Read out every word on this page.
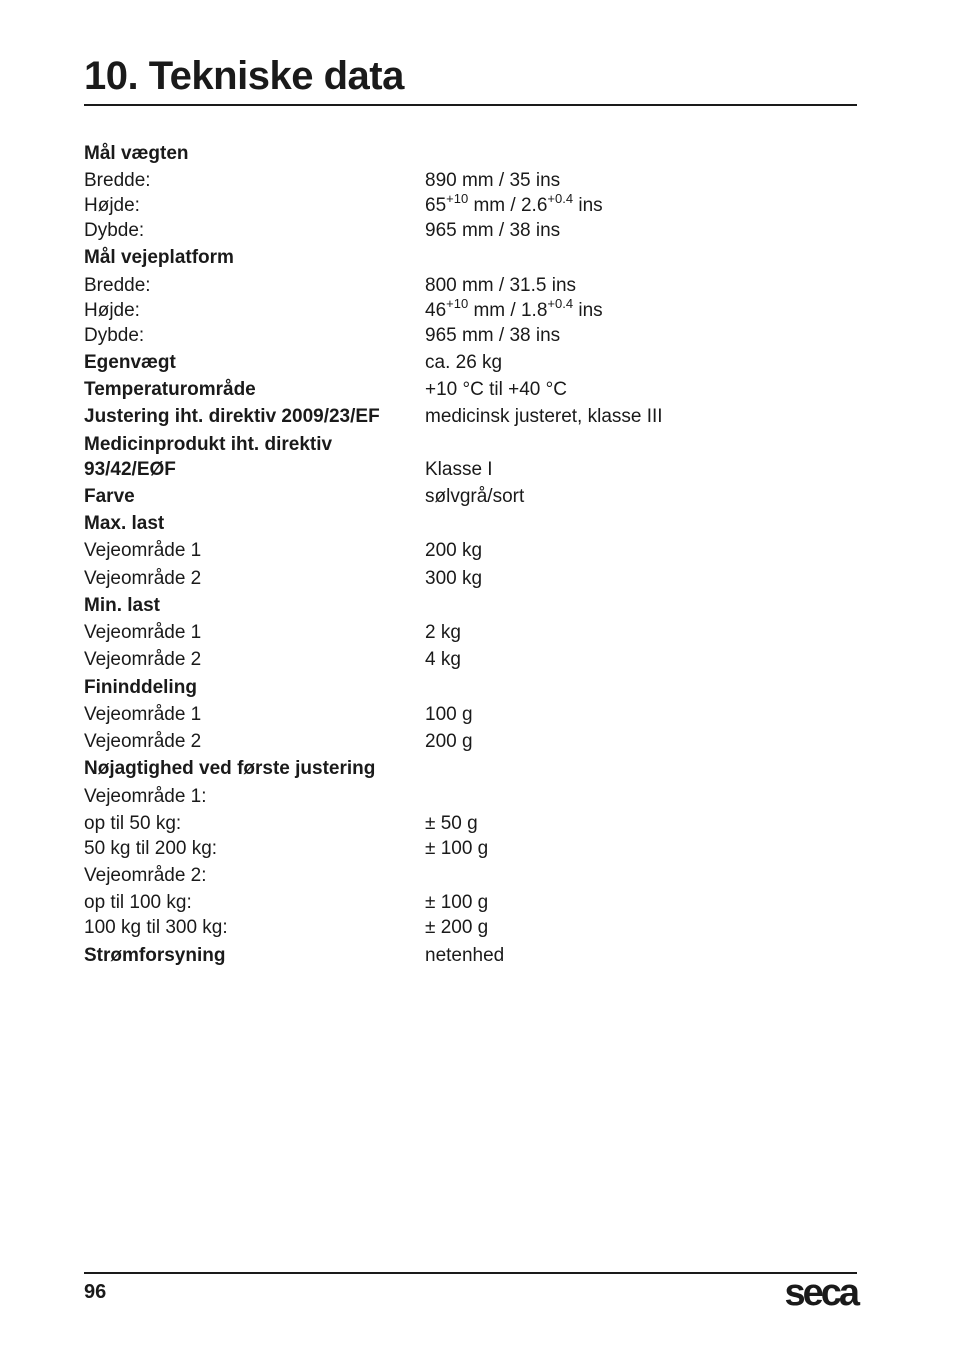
10. Tekniske data
Mål vægten
Bredde:	890 mm / 35 ins
Højde:	$65^{+10}$ mm / $2.6^{+0.4}$ ins
Dybde:	965 mm / 38 ins
Mål vejeplatform
Bredde:	800 mm / 31.5 ins
Højde:	$46^{+10}$ mm / $1.8^{+0.4}$ ins
Dybde:	965 mm / 38 ins
Egenvægt	ca. 26 kg
Temperaturområde	+10 °C til +40 °C
Justering iht. direktiv 2009/23/EF	medicinsk justeret, klasse III
Medicinprodukt iht. direktiv 93/42/EØF	Klasse I
Farve	sølvgrå/sort
Max. last
Vejeområde 1	200 kg
Vejeområde 2	300 kg
Min. last
Vejeområde 1	2 kg
Vejeområde 2	4 kg
Fininddeling
Vejeområde 1	100 g
Vejeområde 2	200 g
Nøjagtighed ved første justering
Vejeområde 1:
op til 50 kg:	± 50 g
50 kg til 200 kg:	± 100 g
Vejeområde 2:
op til 100 kg:	± 100 g
100 kg til 300 kg:	± 200 g
Strømforsyning	netenhed
96	seca
